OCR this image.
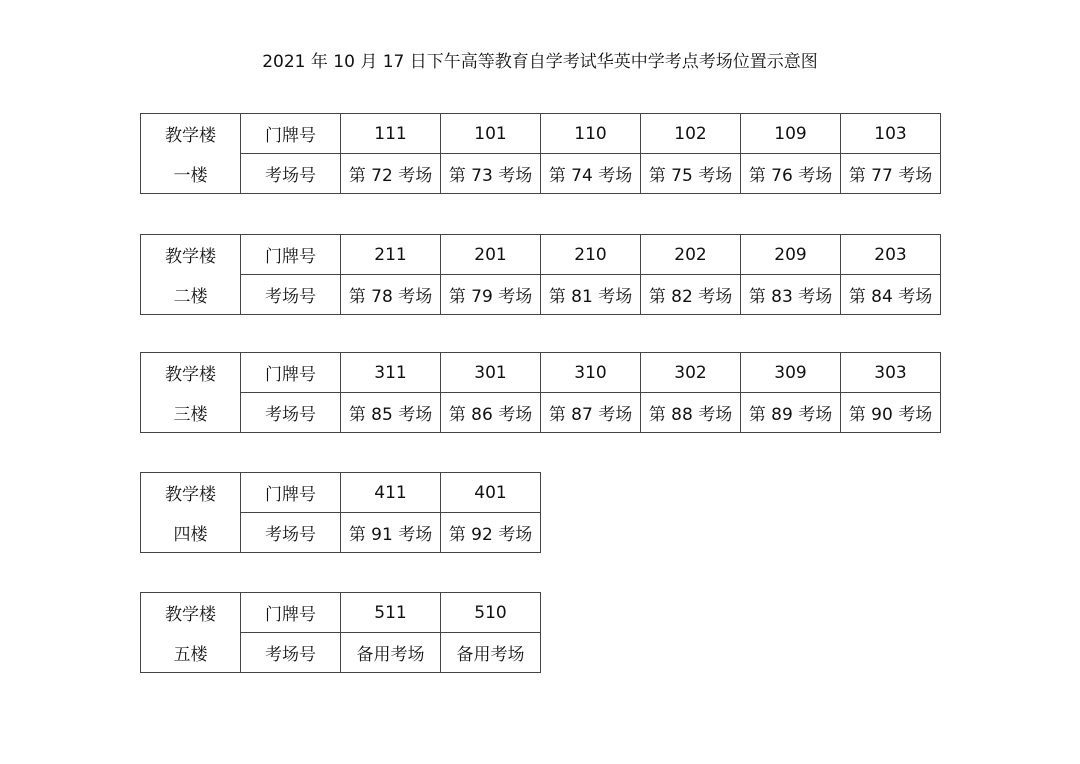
2021 年 10 月 17 日下午高等教育自学考试华英中学考点考场位置示意图
教学楼	门牌号	111	101	110	102	109	103
一楼	考场号	第 72 考场	第 73 考场	第 74 考场	第 75 考场	第 76 考场	第 77 考场
教学楼	门牌号	211	201	210	202	209	203
二楼	考场号	第 78 考场	第 79 考场	第 81 考场	第 82 考场	第 83 考场	第 84 考场
教学楼	门牌号	311	301	310	302	309	303
三楼	考场号	第 85 考场	第 86 考场	第 87 考场	第 88 考场	第 89 考场	第 90 考场
教学楼	门牌号	411	401
四楼	考场号	第 91 考场	第 92 考场
教学楼	门牌号	511	510
五楼	考场号	备用考场	备用考场
